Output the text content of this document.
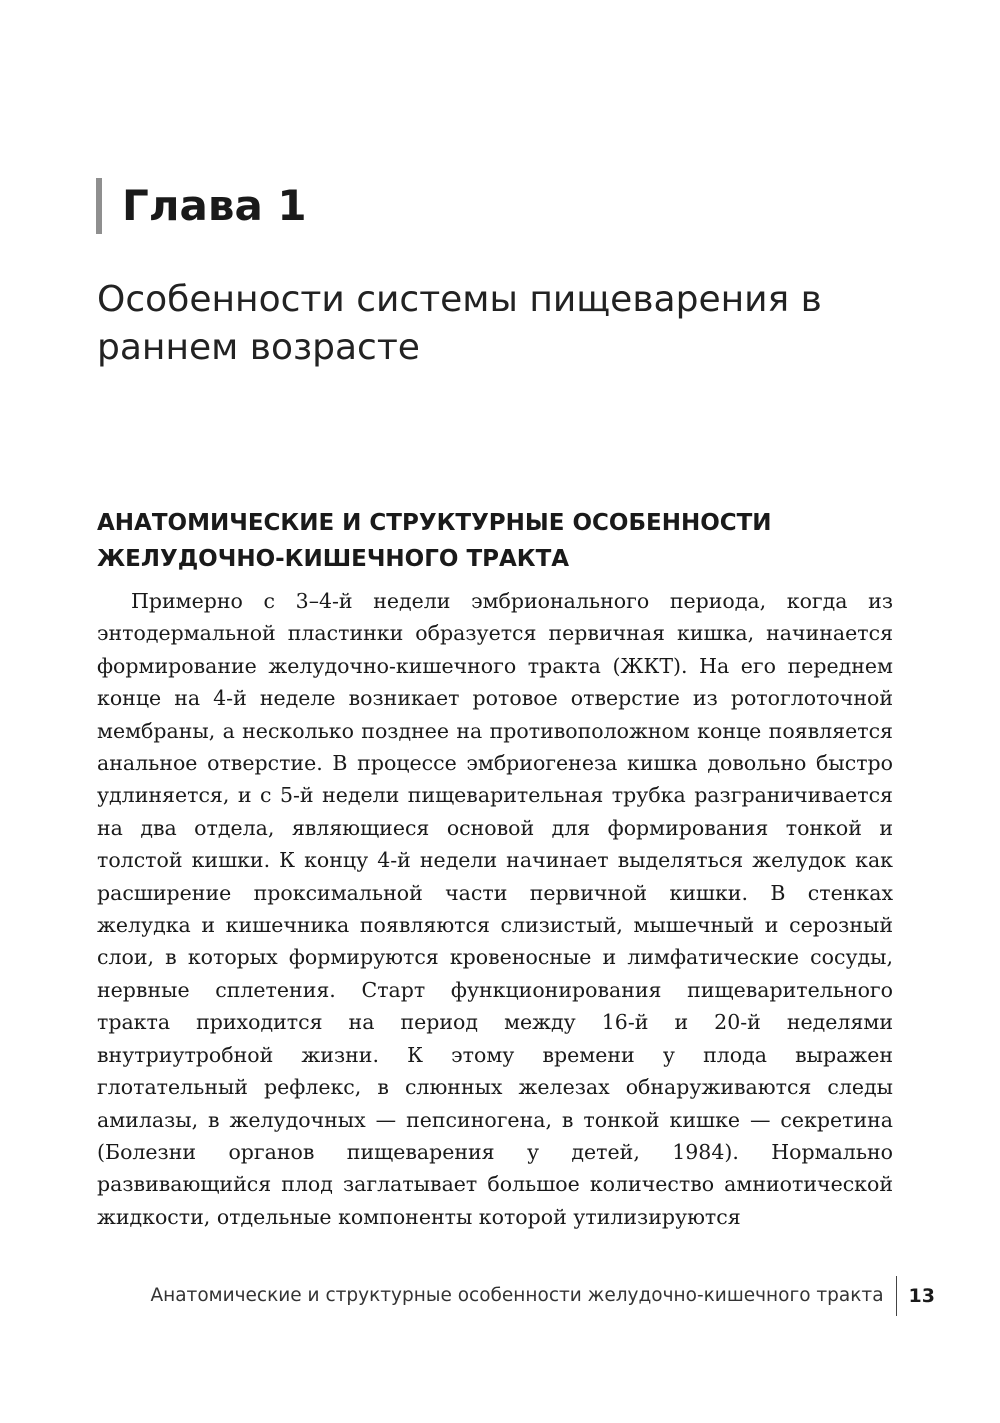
Глава 1
Особенности системы пищеварения в раннем возрасте
АНАТОМИЧЕСКИЕ И СТРУКТУРНЫЕ ОСОБЕННОСТИ ЖЕЛУДОЧНО-КИШЕЧНОГО ТРАКТА

Примерно с 3–4-й недели эмбрионального периода, когда из энтодермальной пластинки образуется первичная кишка, начинается формирование желудочно-кишечного тракта (ЖКТ). На его переднем конце на 4-й неделе возникает ротовое отверстие из ротоглоточной мембраны, а несколько позднее на противоположном конце появляется анальное отверстие. В процессе эмбриогенеза кишка довольно быстро удлиняется, и с 5-й недели пищеварительная трубка разграничивается на два отдела, являющиеся основой для формирования тонкой и толстой кишки. К концу 4-й недели начинает выделяться желудок как расширение проксимальной части первичной кишки. В стенках желудка и кишечника появляются слизистый, мышечный и серозный слои, в которых формируются кровеносные и лимфатические сосуды, нервные сплетения. Старт функционирования пищеварительного тракта приходится на период между 16-й и 20-й неделями внутриутробной жизни. К этому времени у плода выражен глотательный рефлекс, в слюнных железах обнаруживаются следы амилазы, в желудочных — пепсиногена, в тонкой кишке — секретина (Болезни органов пищеварения у детей, 1984). Нормально развивающийся плод заглатывает большое количество амниотической жидкости, отдельные компоненты которой утилизируются

Анатомические и структурные особенности желудочно-кишечного тракта 13
